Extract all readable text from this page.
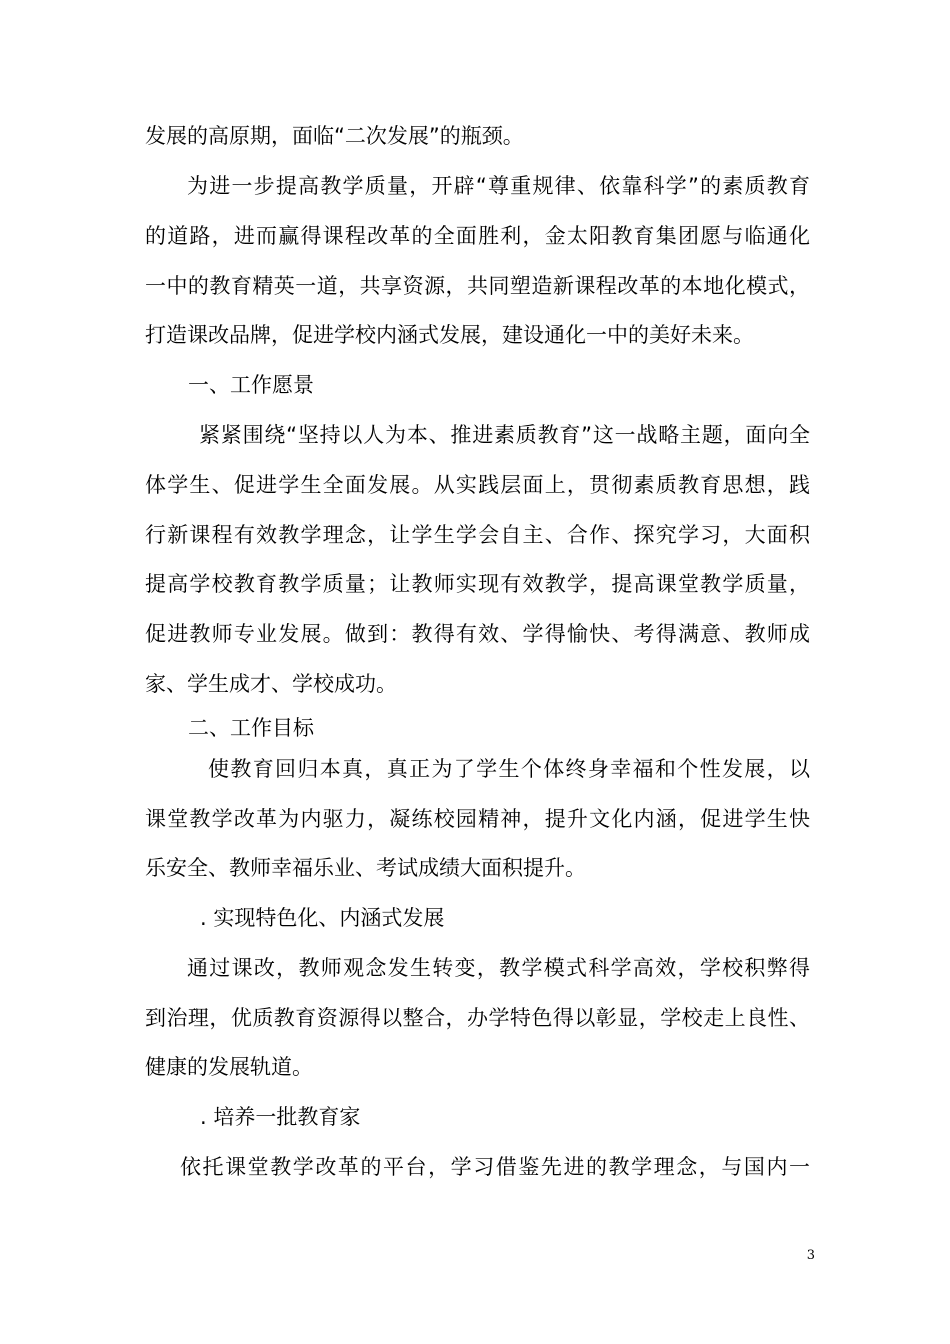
发展的高原期，面临“二次发展”的瓶颈。
为进一步提高教学质量，开辟“尊重规律、依靠科学”的素质教育
的道路，进而赢得课程改革的全面胜利，金太阳教育集团愿与临通化
一中的教育精英一道，共享资源，共同塑造新课程改革的本地化模式，
打造课改品牌，促进学校内涵式发展，建设通化一中的美好未来。
一、工作愿景
紧紧围绕“坚持以人为本、推进素质教育”这一战略主题，面向全
体学生、促进学生全面发展。从实践层面上，贯彻素质教育思想，践
行新课程有效教学理念，让学生学会自主、合作、探究学习，大面积
提高学校教育教学质量；让教师实现有效教学，提高课堂教学质量，
促进教师专业发展。做到：教得有效、学得愉快、考得满意、教师成
家、学生成才、学校成功。
二、工作目标
使教育回归本真，真正为了学生个体终身幸福和个性发展，以
课堂教学改革为内驱力，凝练校园精神，提升文化内涵，促进学生快
乐安全、教师幸福乐业、考试成绩大面积提升。
. 实现特色化、内涵式发展
通过课改，教师观念发生转变，教学模式科学高效，学校积弊得
到治理，优质教育资源得以整合，办学特色得以彰显，学校走上良性、
健康的发展轨道。
. 培养一批教育家
依托课堂教学改革的平台，学习借鉴先进的教学理念，与国内一
3
